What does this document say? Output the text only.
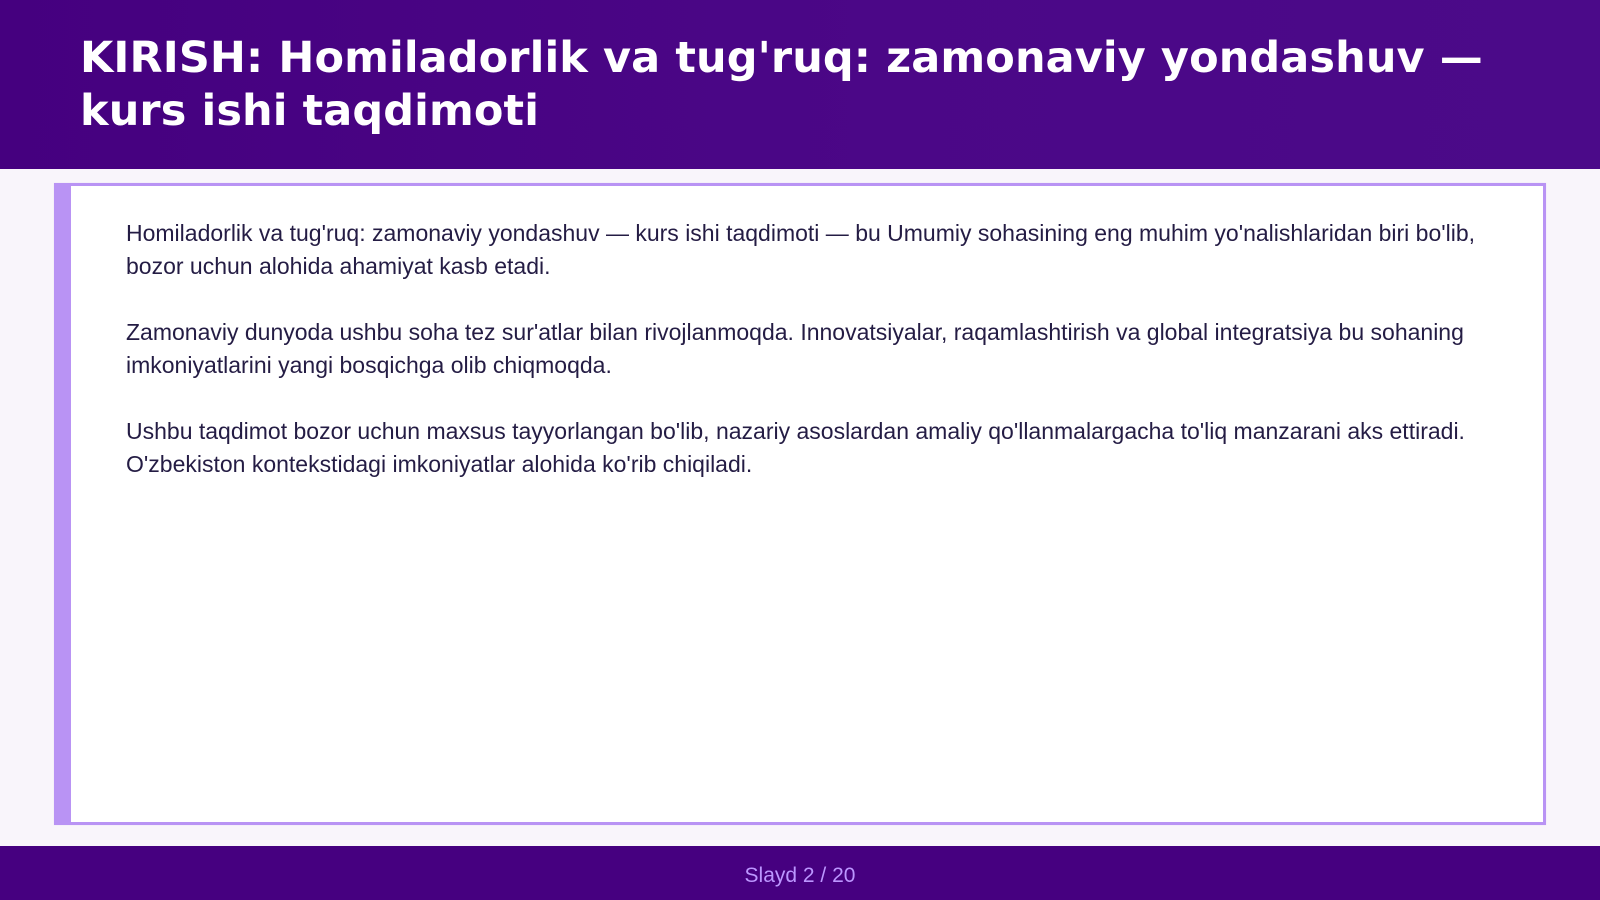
KIRISH: Homiladorlik va tug'ruq: zamonaviy yondashuv — kurs ishi taqdimoti

Homiladorlik va tug'ruq: zamonaviy yondashuv — kurs ishi taqdimoti — bu Umumiy sohasining eng muhim yo'nalishlaridan biri bo'lib, bozor uchun alohida ahamiyat kasb etadi.

Zamonaviy dunyoda ushbu soha tez sur'atlar bilan rivojlanmoqda. Innovatsiyalar, raqamlashtirish va global integratsiya bu sohaning imkoniyatlarini yangi bosqichga olib chiqmoqda.

Ushbu taqdimot bozor uchun maxsus tayyorlangan bo'lib, nazariy asoslardan amaliy qo'llanmalargacha to'liq manzarani aks ettiradi. O'zbekiston kontekstidagi imkoniyatlar alohida ko'rib chiqiladi.

Slayd 2 / 20
